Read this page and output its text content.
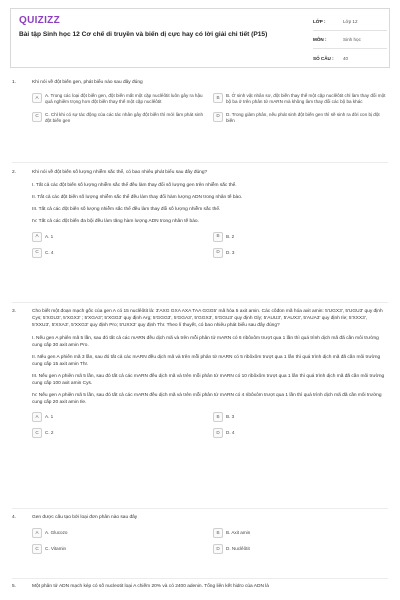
QUIZIZZ
Bài tập Sinh học 12 Cơ chế di truyền và biến dị cực hay có lời giải chi tiết (P15)
LỚP :	Lớp 12
MÔN :	Sinh học
SỐ CÂU :	40
1.	Khi nói về đột biến gen, phát biểu nào sau đây đúng
A	A. Trong các loại đột biến gen, đột biến mất một cặp nuclêôtit luôn gây ra hậu quả nghiêm trọng hơn đột biến thay thế một cặp nuclêôtit
B	B. Ở sinh vật nhân sơ, đột biến thay thế một cặp nuclêôtit chỉ làm thay đổi một bộ ba ở trên phân tử mARN mà không làm thay đổi các bộ ba khác
C	C. Chỉ khi có sự tác động của các tác nhân gây đột biến thì mới làm phát sinh đột biến gen
D	D. Trong giảm phân, nếu phát sinh đột biến gen thì sẽ sinh ra đời con bị đột biến
2.	Khi nói về đột biến số lượng nhiễm sắc thể, có bao nhiêu phát biểu sau đây đúng?
I. Tất cả các đột biến số lượng nhiễm sắc thể đều làm thay đổi số lượng gen trên nhiễm sắc thể.
II. Tất cả các đột biến số lượng nhiễm sắc thể đều làm thay đổi hàm lượng ADN trong nhân tế bào.
III. Tất cả các đột biến số lượng nhiễm sắc thể đều làm thay đổi số lượng nhiễm sắc thể.
IV. Tất cả các đột biến đa bội đều làm tăng hàm lượng ADN trong nhân tế bào.
A	A. 1	B	B. 2
C	C. 4	D	D. 3
3.	Cho biết một đoạn mạch gốc của gen A có 15 nuclêôtit là: 3'AXG GXA AXA TAA GGG5' mã hóa 5 axit amin. Các côđon mã hóa axit amin: 5'UGX3', 5'UGU3' quy định Cys; 5'XGU3', 5'XGX3' ; 5'XGA3'; 5'XGG3' quy định Arg; 5'GGG3', 5'GGA3', 5'GGX3', 5'GGU3' quy định Gly; 5'AUU3', 5'AUX3', 5'AUA3' quy định Ile; 5'XXX3', 5'XXU3', 5'XXA3', 5'XXG3' quy định Pro; 5'UXX3' quy định Thr. Theo lí thuyết, có bao nhiêu phát biểu sau đây đúng?
I. Nếu gen A phiên mã 5 lần, sau đó tất cả các mARN đều dịch mã và trên mỗi phân tử mARN có 6 ribôxôm trượt qua 1 lần thì quá trình dịch mã đã cần môi trường cung cấp 30 axit amin Pro.
II. Nếu gen A phiên mã 3 lần, sau đó tất cả các mARN đều dịch mã và trên mỗi phân tử mARN có 5 ribôxôm trượt qua 1 lần thì quá trình dịch mã đã cần môi trường cung cấp 15 axit amin Thr.
III. Nếu gen A phiên mã 5 lần, sau đó tất cả các mARN đều dịch mã và trên mỗi phân tử mARN có 10 ribôxôm trượt qua 1 lần thì quá trình dịch mã đã cần môi trường cung cấp 100 axit amin Cys.
IV. Nếu gen A phiên mã 5 lần, sau đó tất cả các mARN đều dịch mã và trên mỗi phân tử mARN có 4 ribôxôm trượt qua 1 lần thì quá trình dịch mã đã cần môi trường cung cấp 20 axit amin Ile.
A	A. 1	B	B. 3
C	C. 2	D	D. 4
4.	Gen được cấu tạo bởi loại đơn phân nào sau đây
A	A. Glucozo	B	B. Axit amin
C	C. Vitamin	D	D. Nuclêôtit
5.	Một phân tử ADN mạch kép có số nucleotit loại A chiếm 20% và có 2400 adenin. Tổng liên kết hidro của ADN là
